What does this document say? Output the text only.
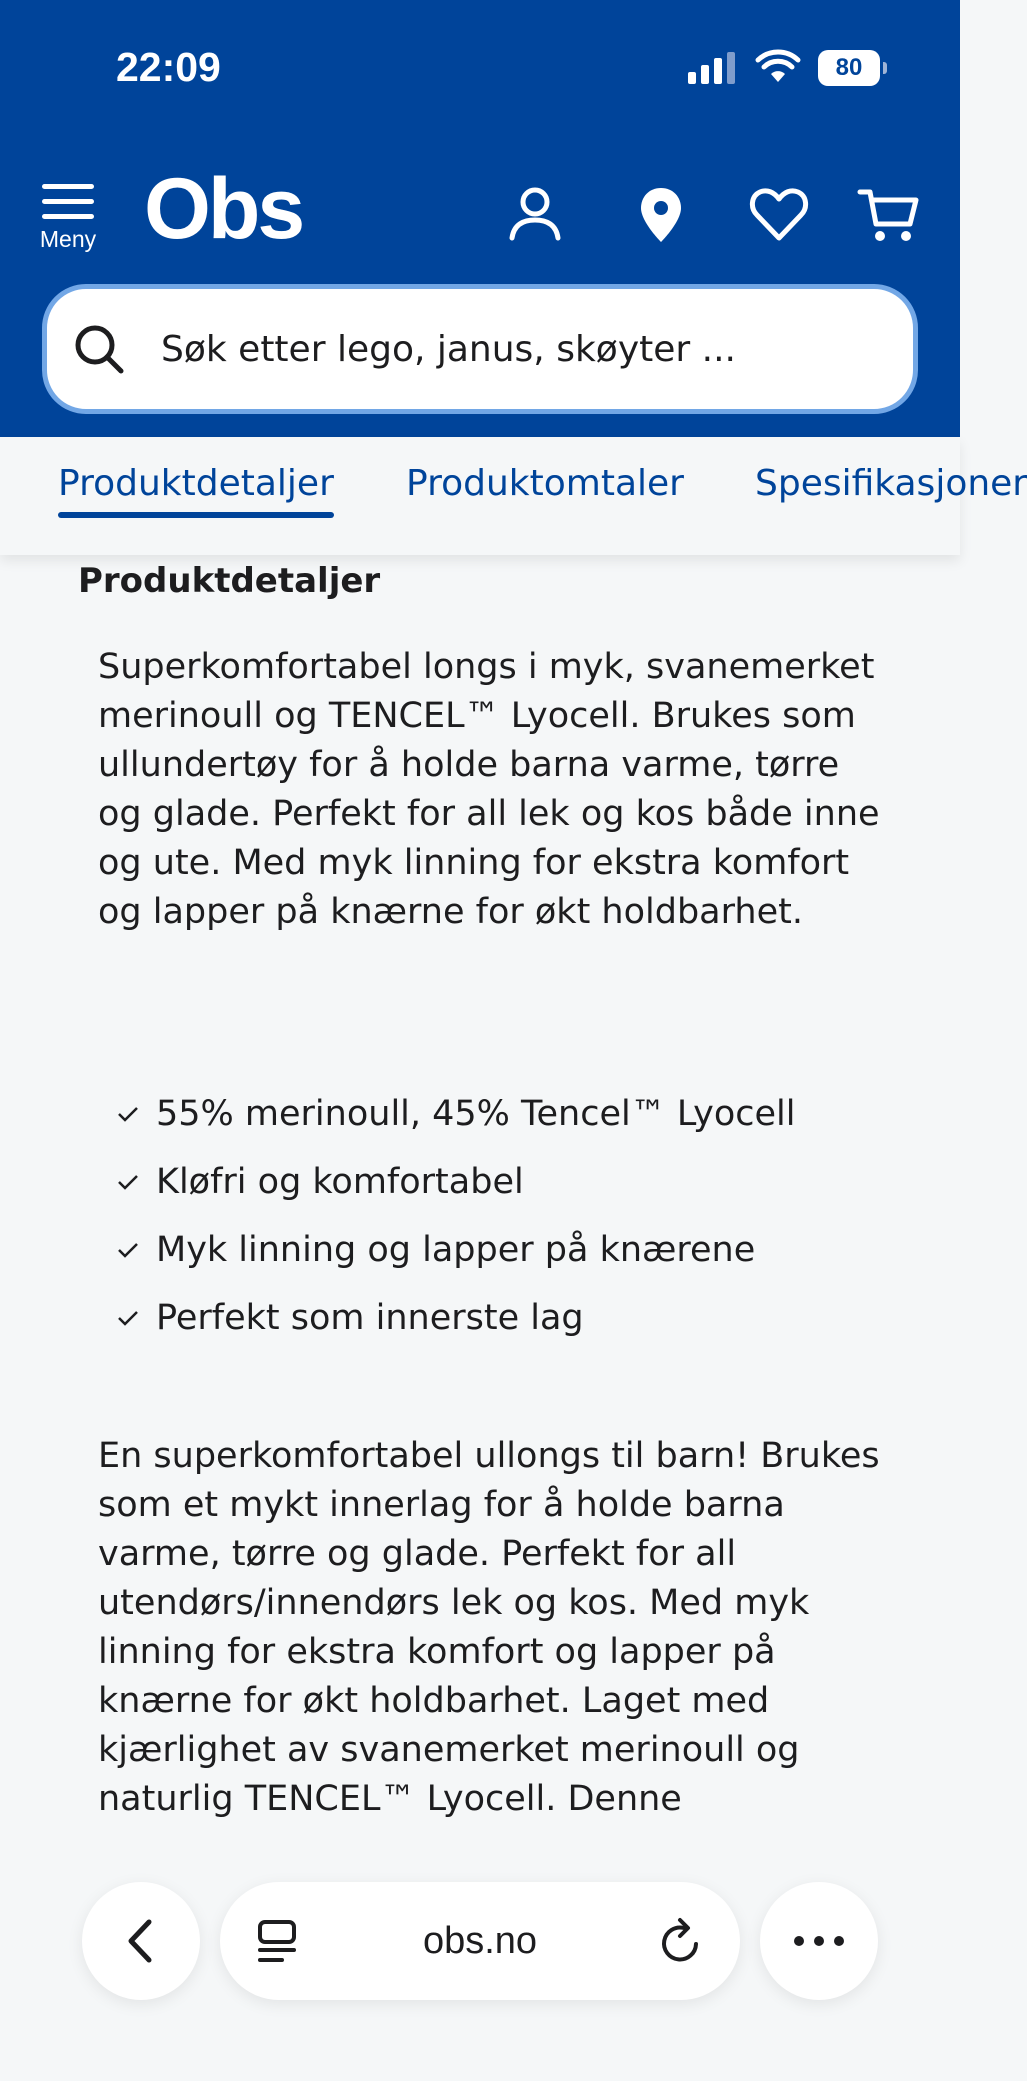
22:09	80
Meny Obs
Søk etter lego, janus, skøyter ...
Produktdetaljer Produktomtaler Spesifikasjoner
Produktdetaljer

Superkomfortabel longs i myk, svanemerket merinoull og TENCEL™ Lyocell. Brukes som ullundertøy for å holde barna varme, tørre og glade. Perfekt for all lek og kos både inne og ute. Med myk linning for ekstra komfort og lapper på knærne for økt holdbarhet.

55% merinoull, 45% Tencel™ Lyocell
Kløfri og komfortabel
Myk linning og lapper på knærene
Perfekt som innerste lag

En superkomfortabel ullongs til barn! Brukes som et mykt innerlag for å holde barna varme, tørre og glade. Perfekt for all utendørs/innendørs lek og kos. Med myk linning for ekstra komfort og lapper på knærne for økt holdbarhet. Laget med kjærlighet av svanemerket merinoull og naturlig TENCEL™ Lyocell. Denne

obs.no
